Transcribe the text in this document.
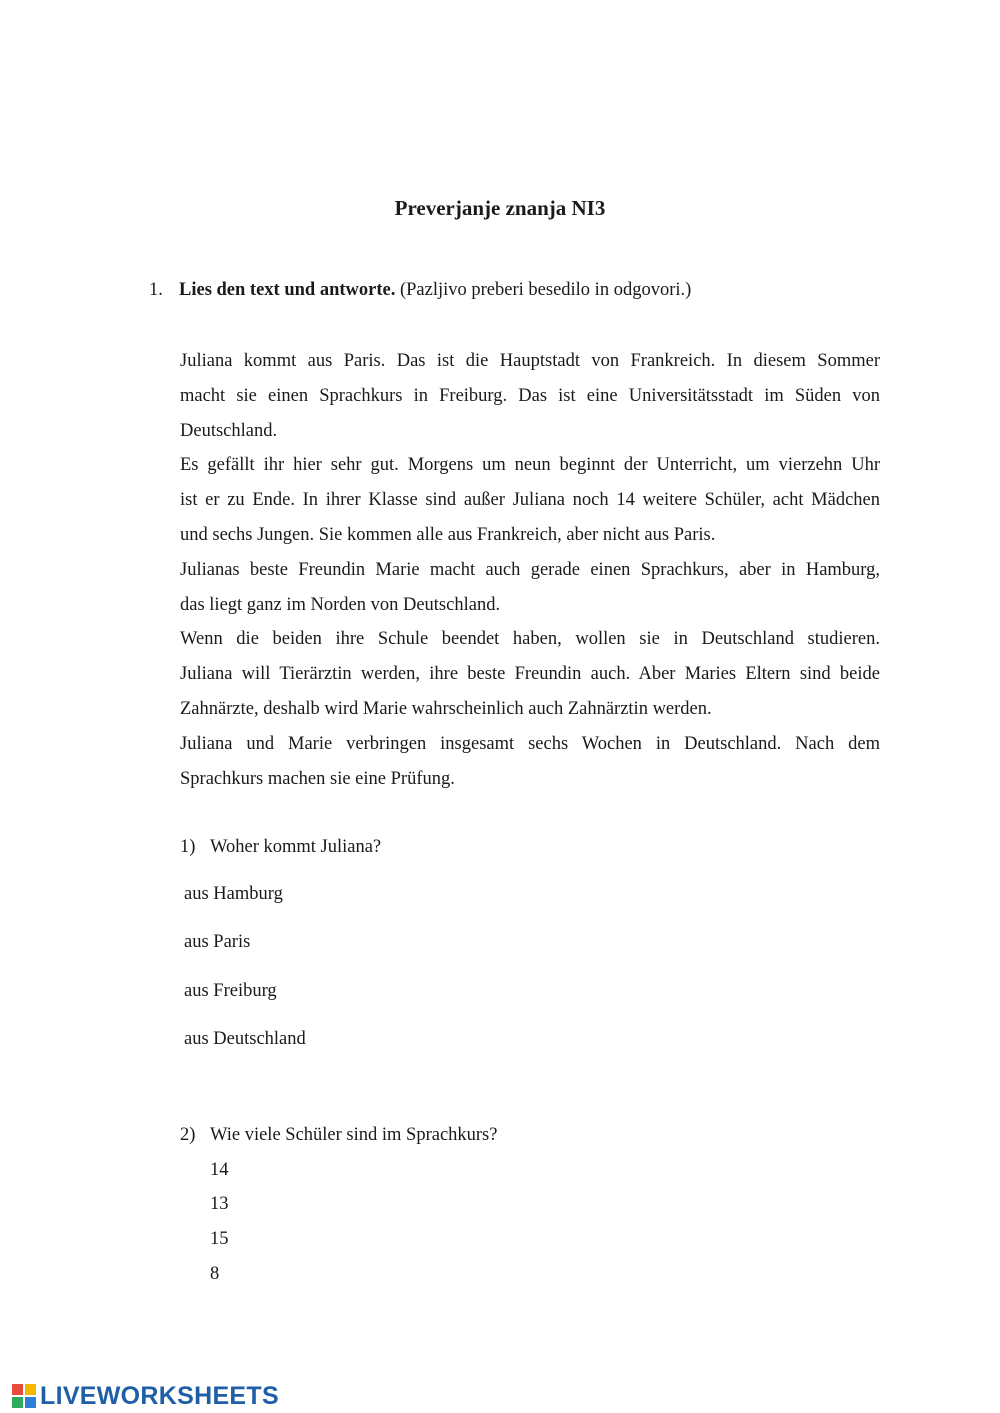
Preverjanje znanja NI3
1. Lies den text und antworte. (Pazljivo preberi besedilo in odgovori.)
Juliana kommt aus Paris. Das ist die Hauptstadt von Frankreich. In diesem Sommer
macht sie einen Sprachkurs in Freiburg. Das ist eine Universitätsstadt im Süden von
Deutschland.
Es gefällt ihr hier sehr gut. Morgens um neun beginnt der Unterricht, um vierzehn Uhr
ist er zu Ende. In ihrer Klasse sind außer Juliana noch 14 weitere Schüler, acht Mädchen
und sechs Jungen. Sie kommen alle aus Frankreich, aber nicht aus Paris.
Julianas beste Freundin Marie macht auch gerade einen Sprachkurs, aber in Hamburg,
das liegt ganz im Norden von Deutschland.
Wenn die beiden ihre Schule beendet haben, wollen sie in Deutschland studieren.
Juliana will Tierärztin werden, ihre beste Freundin auch. Aber Maries Eltern sind beide
Zahnärzte, deshalb wird Marie wahrscheinlich auch Zahnärztin werden.
Juliana und Marie verbringen insgesamt sechs Wochen in Deutschland. Nach dem
Sprachkurs machen sie eine Prüfung.
1) Woher kommt Juliana?
aus Hamburg
aus Paris
aus Freiburg
aus Deutschland
2) Wie viele Schüler sind im Sprachkurs?
14
13
15
8
LIVEWORKSHEETS
